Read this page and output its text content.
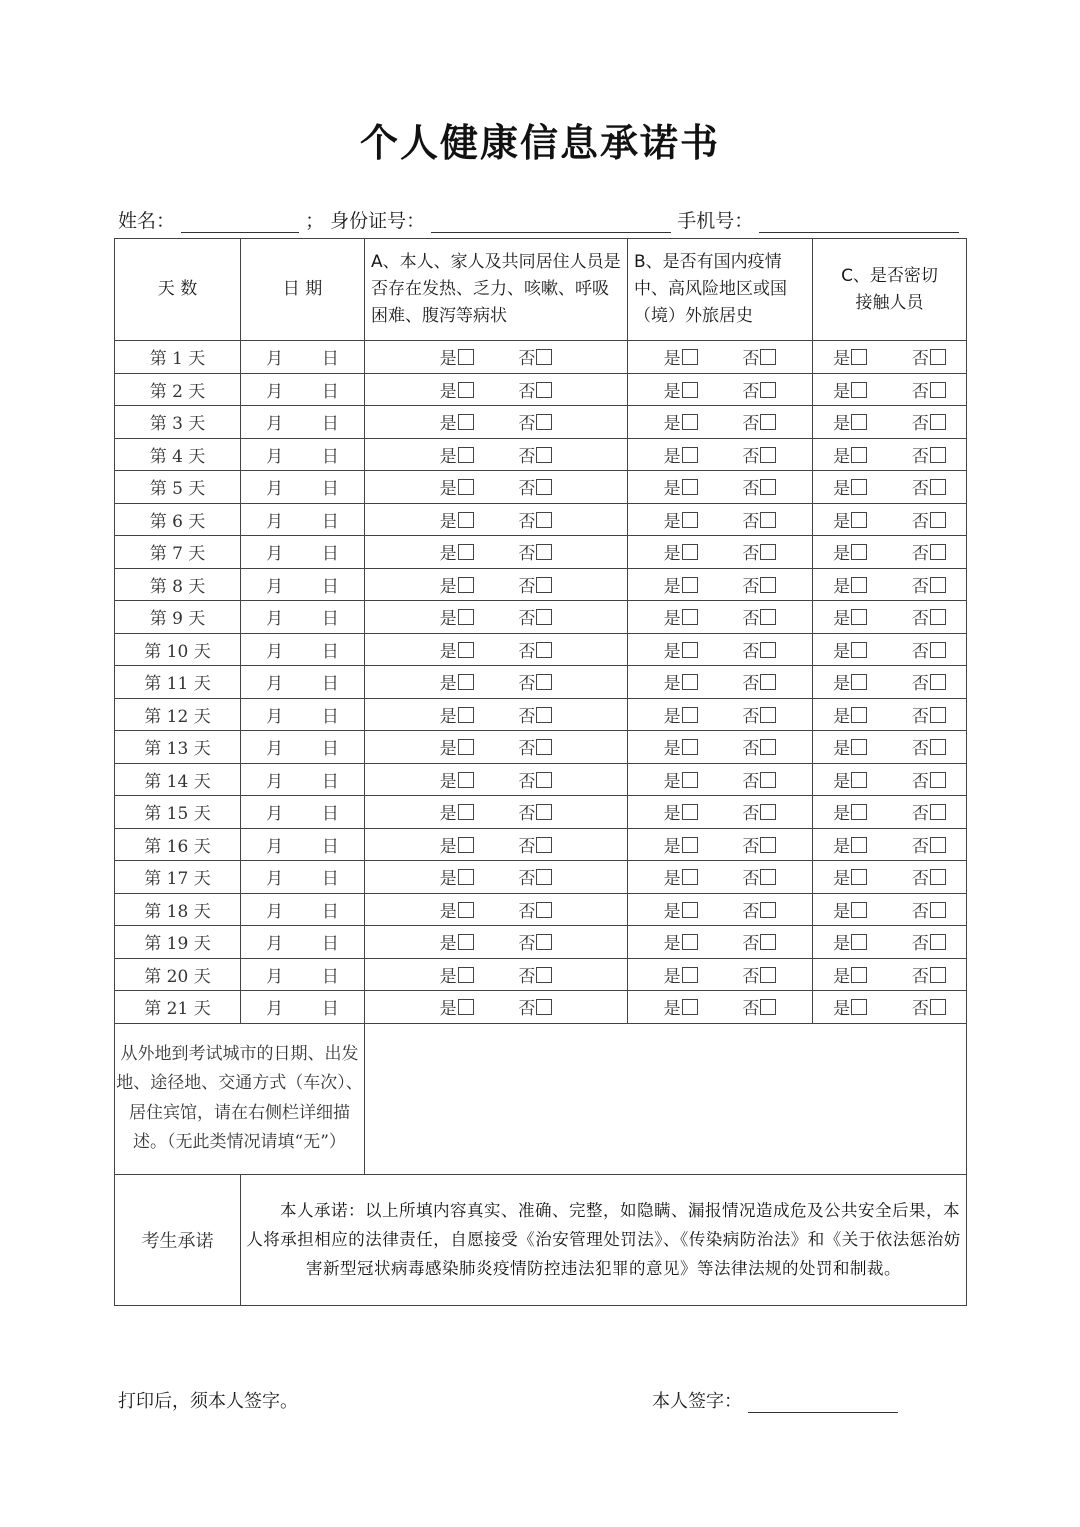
个人健康信息承诺书
姓名：	； 身份证号：	手机号：
天 数	日 期	A、本人、家人及共同居住人员是否存在发热、乏力、咳嗽、呼吸困难、腹泻等病状	B、是否有国内疫情中、高风险地区或国（境）外旅居史	C、是否密切接触人员
第 1 天	月 日	是 否	是 否	是 否
第 2 天	月 日	是 否	是 否	是 否
第 3 天	月 日	是 否	是 否	是 否
第 4 天	月 日	是 否	是 否	是 否
第 5 天	月 日	是 否	是 否	是 否
第 6 天	月 日	是 否	是 否	是 否
第 7 天	月 日	是 否	是 否	是 否
第 8 天	月 日	是 否	是 否	是 否
第 9 天	月 日	是 否	是 否	是 否
第 10 天	月 日	是 否	是 否	是 否
第 11 天	月 日	是 否	是 否	是 否
第 12 天	月 日	是 否	是 否	是 否
第 13 天	月 日	是 否	是 否	是 否
第 14 天	月 日	是 否	是 否	是 否
第 15 天	月 日	是 否	是 否	是 否
第 16 天	月 日	是 否	是 否	是 否
第 17 天	月 日	是 否	是 否	是 否
第 18 天	月 日	是 否	是 否	是 否
第 19 天	月 日	是 否	是 否	是 否
第 20 天	月 日	是 否	是 否	是 否
第 21 天	月 日	是 否	是 否	是 否
从外地到考试城市的日期、出发地、途径地、交通方式（车次）、居住宾馆，请在右侧栏详细描述。（无此类情况请填“无”）				
考生承诺	本人承诺：以上所填内容真实、准确、完整，如隐瞒、漏报情况造成危及公共安全后果，本人将承担相应的法律责任，自愿接受《治安管理处罚法》、《传染病防治法》和《关于依法惩治妨害新型冠状病毒感染肺炎疫情防控违法犯罪的意见》等法律法规的处罚和制裁。			
打印后，须本人签字。	本人签字：
